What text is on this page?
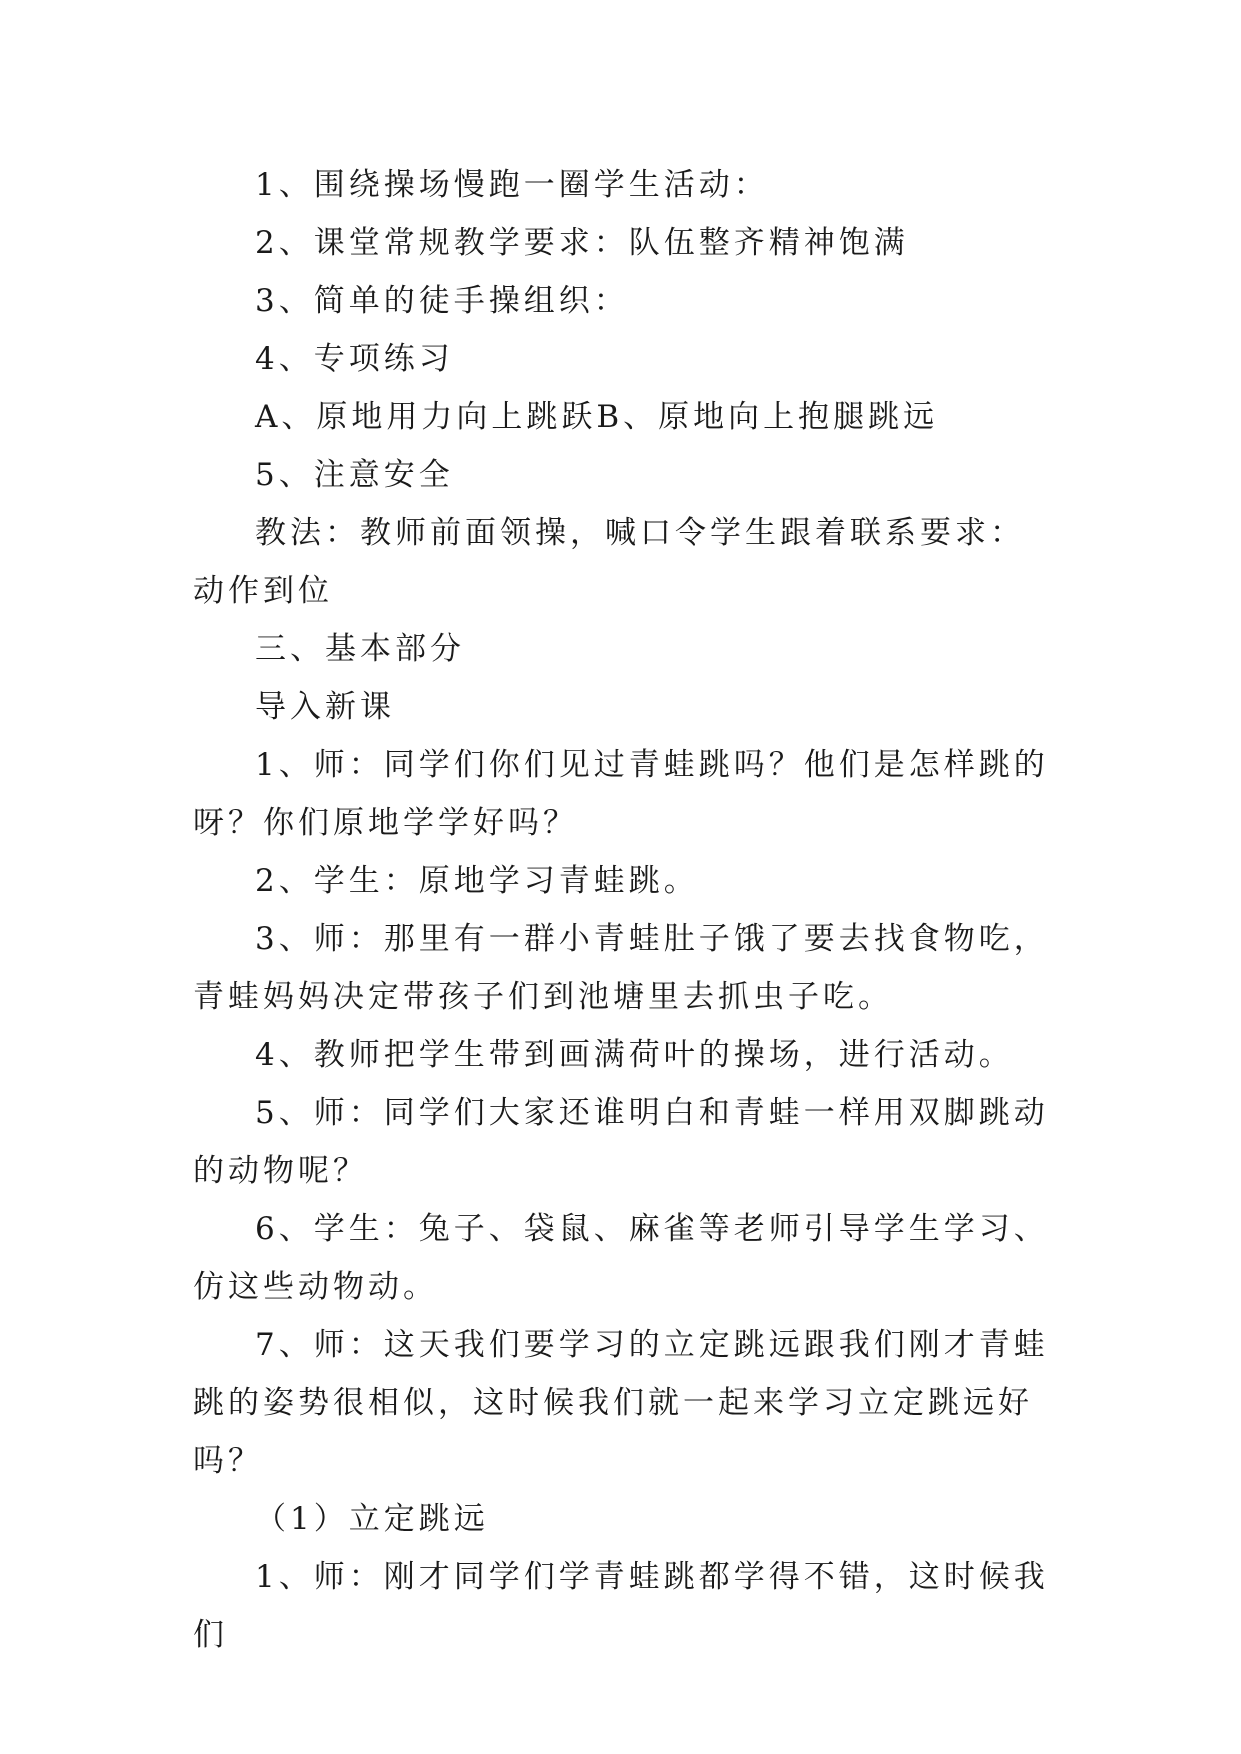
1、围绕操场慢跑一圈学生活动：

2、课堂常规教学要求：队伍整齐精神饱满

3、简单的徒手操组织：

4、专项练习

A、原地用力向上跳跃B、原地向上抱腿跳远

5、注意安全

教法：教师前面领操，喊口令学生跟着联系要求：动作到位

三、基本部分

导入新课

1、师：同学们你们见过青蛙跳吗？他们是怎样跳的呀？你们原地学学好吗？

2、学生：原地学习青蛙跳。

3、师：那里有一群小青蛙肚子饿了要去找食物吃，青蛙妈妈决定带孩子们到池塘里去抓虫子吃。

4、教师把学生带到画满荷叶的操场，进行活动。

5、师：同学们大家还谁明白和青蛙一样用双脚跳动的动物呢？

6、学生：兔子、袋鼠、麻雀等老师引导学生学习、仿这些动物动。

7、师：这天我们要学习的立定跳远跟我们刚才青蛙跳的姿势很相似，这时候我们就一起来学习立定跳远好吗？

（1）立定跳远

1、师：刚才同学们学青蛙跳都学得不错，这时候我们
